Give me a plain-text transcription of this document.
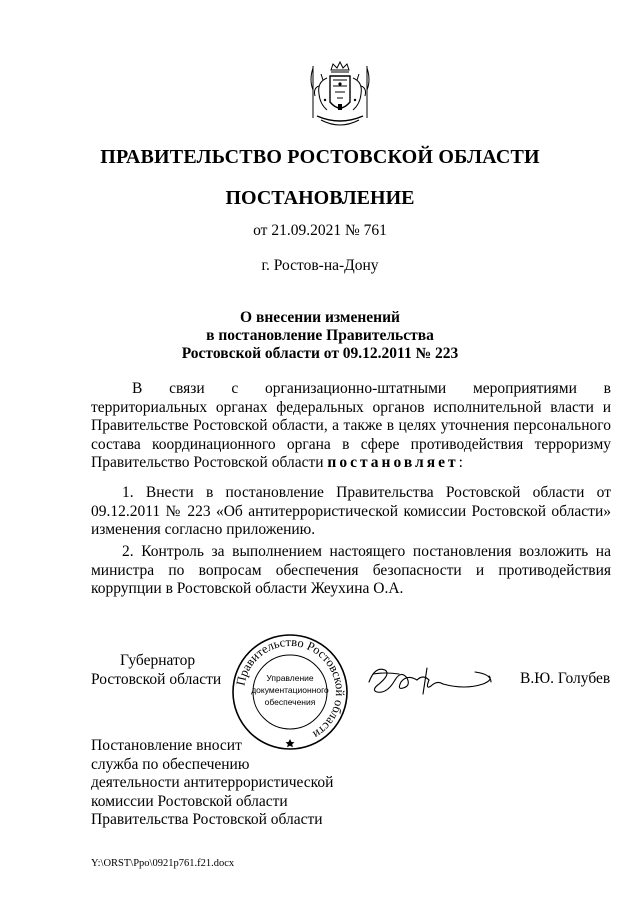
ПРАВИТЕЛЬСТВО РОСТОВСКОЙ ОБЛАСТИ
ПОСТАНОВЛЕНИЕ
от 21.09.2021 № 761
г. Ростов-на-Дону
О внесении изменений
в постановление Правительства
Ростовской области от 09.12.2011 № 223
В связи с организационно-штатными мероприятиями в территориальных органах федеральных органов исполнительной власти и Правительстве Ростовской области, а также в целях уточнения персонального состава координационного органа в сфере противодействия терроризму Правительство Ростовской области постановляет:
1. Внести в постановление Правительства Ростовской области от 09.12.2011 № 223 «Об антитеррористической комиссии Ростовской области» изменения согласно приложению.
2. Контроль за выполнением настоящего постановления возложить на министра по вопросам обеспечения безопасности и противодействия коррупции в Ростовской области Жеухина О.А.
Губернатор
Ростовской области Правительство Ростовской области
Управление
документационного
обеспечения
В.Ю. Голубев
Постановление вносит
служба по обеспечению
деятельности антитеррористической
комиссии Ростовской области
Правительства Ростовской области
Y:\ORST\Ppo\0921p761.f21.docx
